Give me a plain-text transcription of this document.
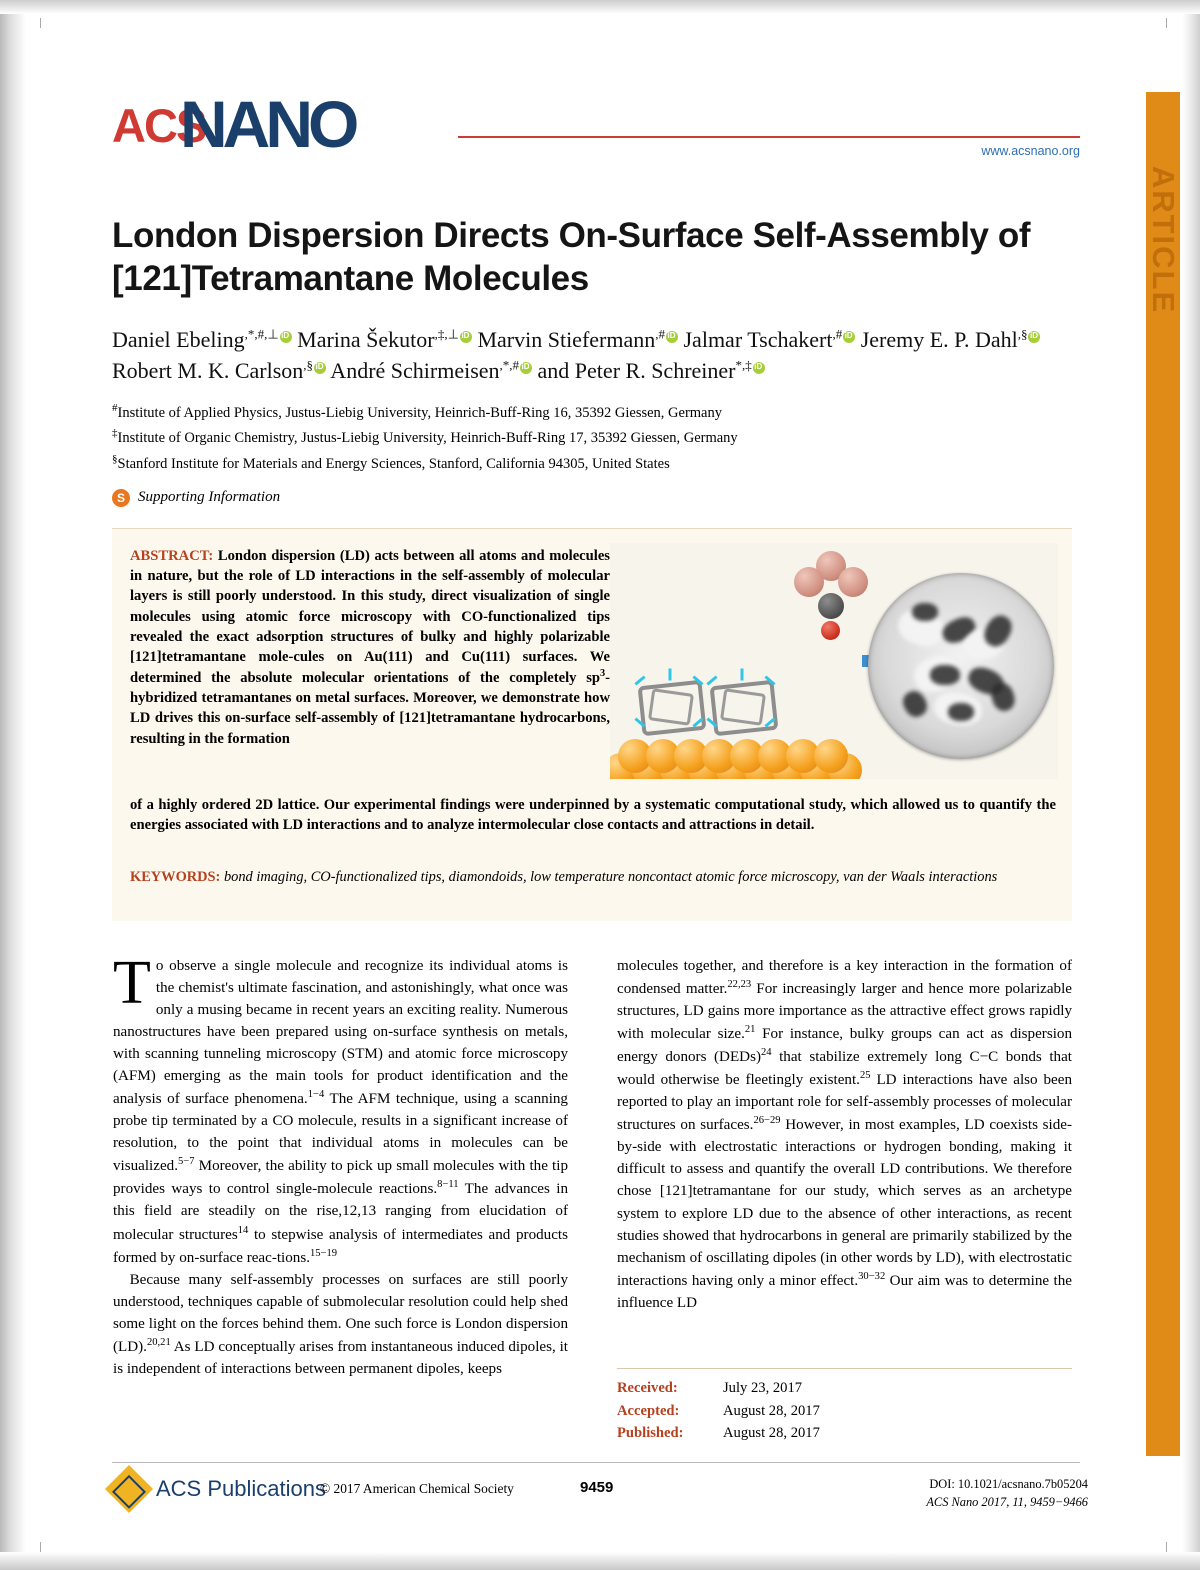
ACS
NANO	www.acsnano.org
ARTICLE
London Dispersion Directs On-Surface Self-Assembly of [121]Tetramantane Molecules
Daniel Ebeling,*,#,⊥iD Marina Šekutor,‡,⊥iD Marvin Stiefermann,#iD Jalmar Tschakert,#iD Jeremy E. P. Dahl,§iD
Robert M. K. Carlson,§iD André Schirmeisen,*,#iD and Peter R. Schreiner*,‡iD
#Institute of Applied Physics, Justus-Liebig University, Heinrich-Buff-Ring 16, 35392 Giessen, Germany
‡Institute of Organic Chemistry, Justus-Liebig University, Heinrich-Buff-Ring 17, 35392 Giessen, Germany
§Stanford Institute for Materials and Energy Sciences, Stanford, California 94305, United States
S Supporting Information
ABSTRACT: London dispersion (LD) acts between all atoms and molecules in nature, but the role of LD interactions in the self-assembly of molecular layers is still poorly understood. In this study, direct visualization of single molecules using atomic force microscopy with CO-functionalized tips revealed the exact adsorption structures of bulky and highly polarizable [121]tetramantane mole-cules on Au(111) and Cu(111) surfaces. We determined the absolute molecular orientations of the completely $sp^3$-hybridized tetramantanes on metal surfaces. Moreover, we demonstrate how LD drives this on-surface self-assembly of [121]tetramantane hydrocarbons, resulting in the formation
of a highly ordered 2D lattice. Our experimental findings were underpinned by a systematic computational study, which allowed us to quantify the energies associated with LD interactions and to analyze intermolecular close contacts and attractions in detail.
KEYWORDS: bond imaging, CO-functionalized tips, diamondoids, low temperature noncontact atomic force microscopy, van der Waals interactions

To observe a single molecule and recognize its individual atoms is the chemist's ultimate fascination, and astonishingly, what once was only a musing became in recent years an exciting reality. Numerous nanostructures have been prepared using on-surface synthesis on metals, with scanning tunneling microscopy (STM) and atomic force microscopy (AFM) emerging as the main tools for product identification and the analysis of surface phenomena.$^{1-4}$ The AFM technique, using a scanning probe tip terminated by a CO molecule, results in a significant increase of resolution, to the point that individual atoms in molecules can be visualized.$^{5-7}$ Moreover, the ability to pick up small molecules with the tip provides ways to control single-molecule reactions.$^{8-11}$ The advances in this field are steadily on the rise,12,13 ranging from elucidation of molecular structures$^{14}$ to stepwise analysis of intermediates and products formed by on-surface reac-tions.$^{15-19}$

Because many self-assembly processes on surfaces are still poorly understood, techniques capable of submolecular resolution could help shed some light on the forces behind them. One such force is London dispersion (LD).$^{20,21}$ As LD conceptually arises from instantaneous induced dipoles, it is independent of interactions between permanent dipoles, keeps

molecules together, and therefore is a key interaction in the formation of condensed matter.$^{22,23}$ For increasingly larger and hence more polarizable structures, LD gains more importance as the attractive effect grows rapidly with molecular size.$^{21}$ For instance, bulky groups can act as dispersion energy donors (DEDs)$^{24}$ that stabilize extremely long C−C bonds that would otherwise be fleetingly existent.$^{25}$ LD interactions have also been reported to play an important role for self-assembly processes of molecular structures on surfaces.$^{26-29}$ However, in most examples, LD coexists side-by-side with electrostatic interactions or hydrogen bonding, making it difficult to assess and quantify the overall LD contributions. We therefore chose [121]tetramantane for our study, which serves as an archetype system to explore LD due to the absence of other interactions, as recent studies showed that hydrocarbons in general are primarily stabilized by the mechanism of oscillating dipoles (in other words by LD), with electrostatic interactions having only a minor effect.$^{30-32}$ Our aim was to determine the influence LD

Received:	July 23, 2017
Accepted:	August 28, 2017
Published:	August 28, 2017
ACS Publications
© 2017 American Chemical Society	9459	DOI: 10.1021/acsnano.7b05204
ACS Nano 2017, 11, 9459−9466
